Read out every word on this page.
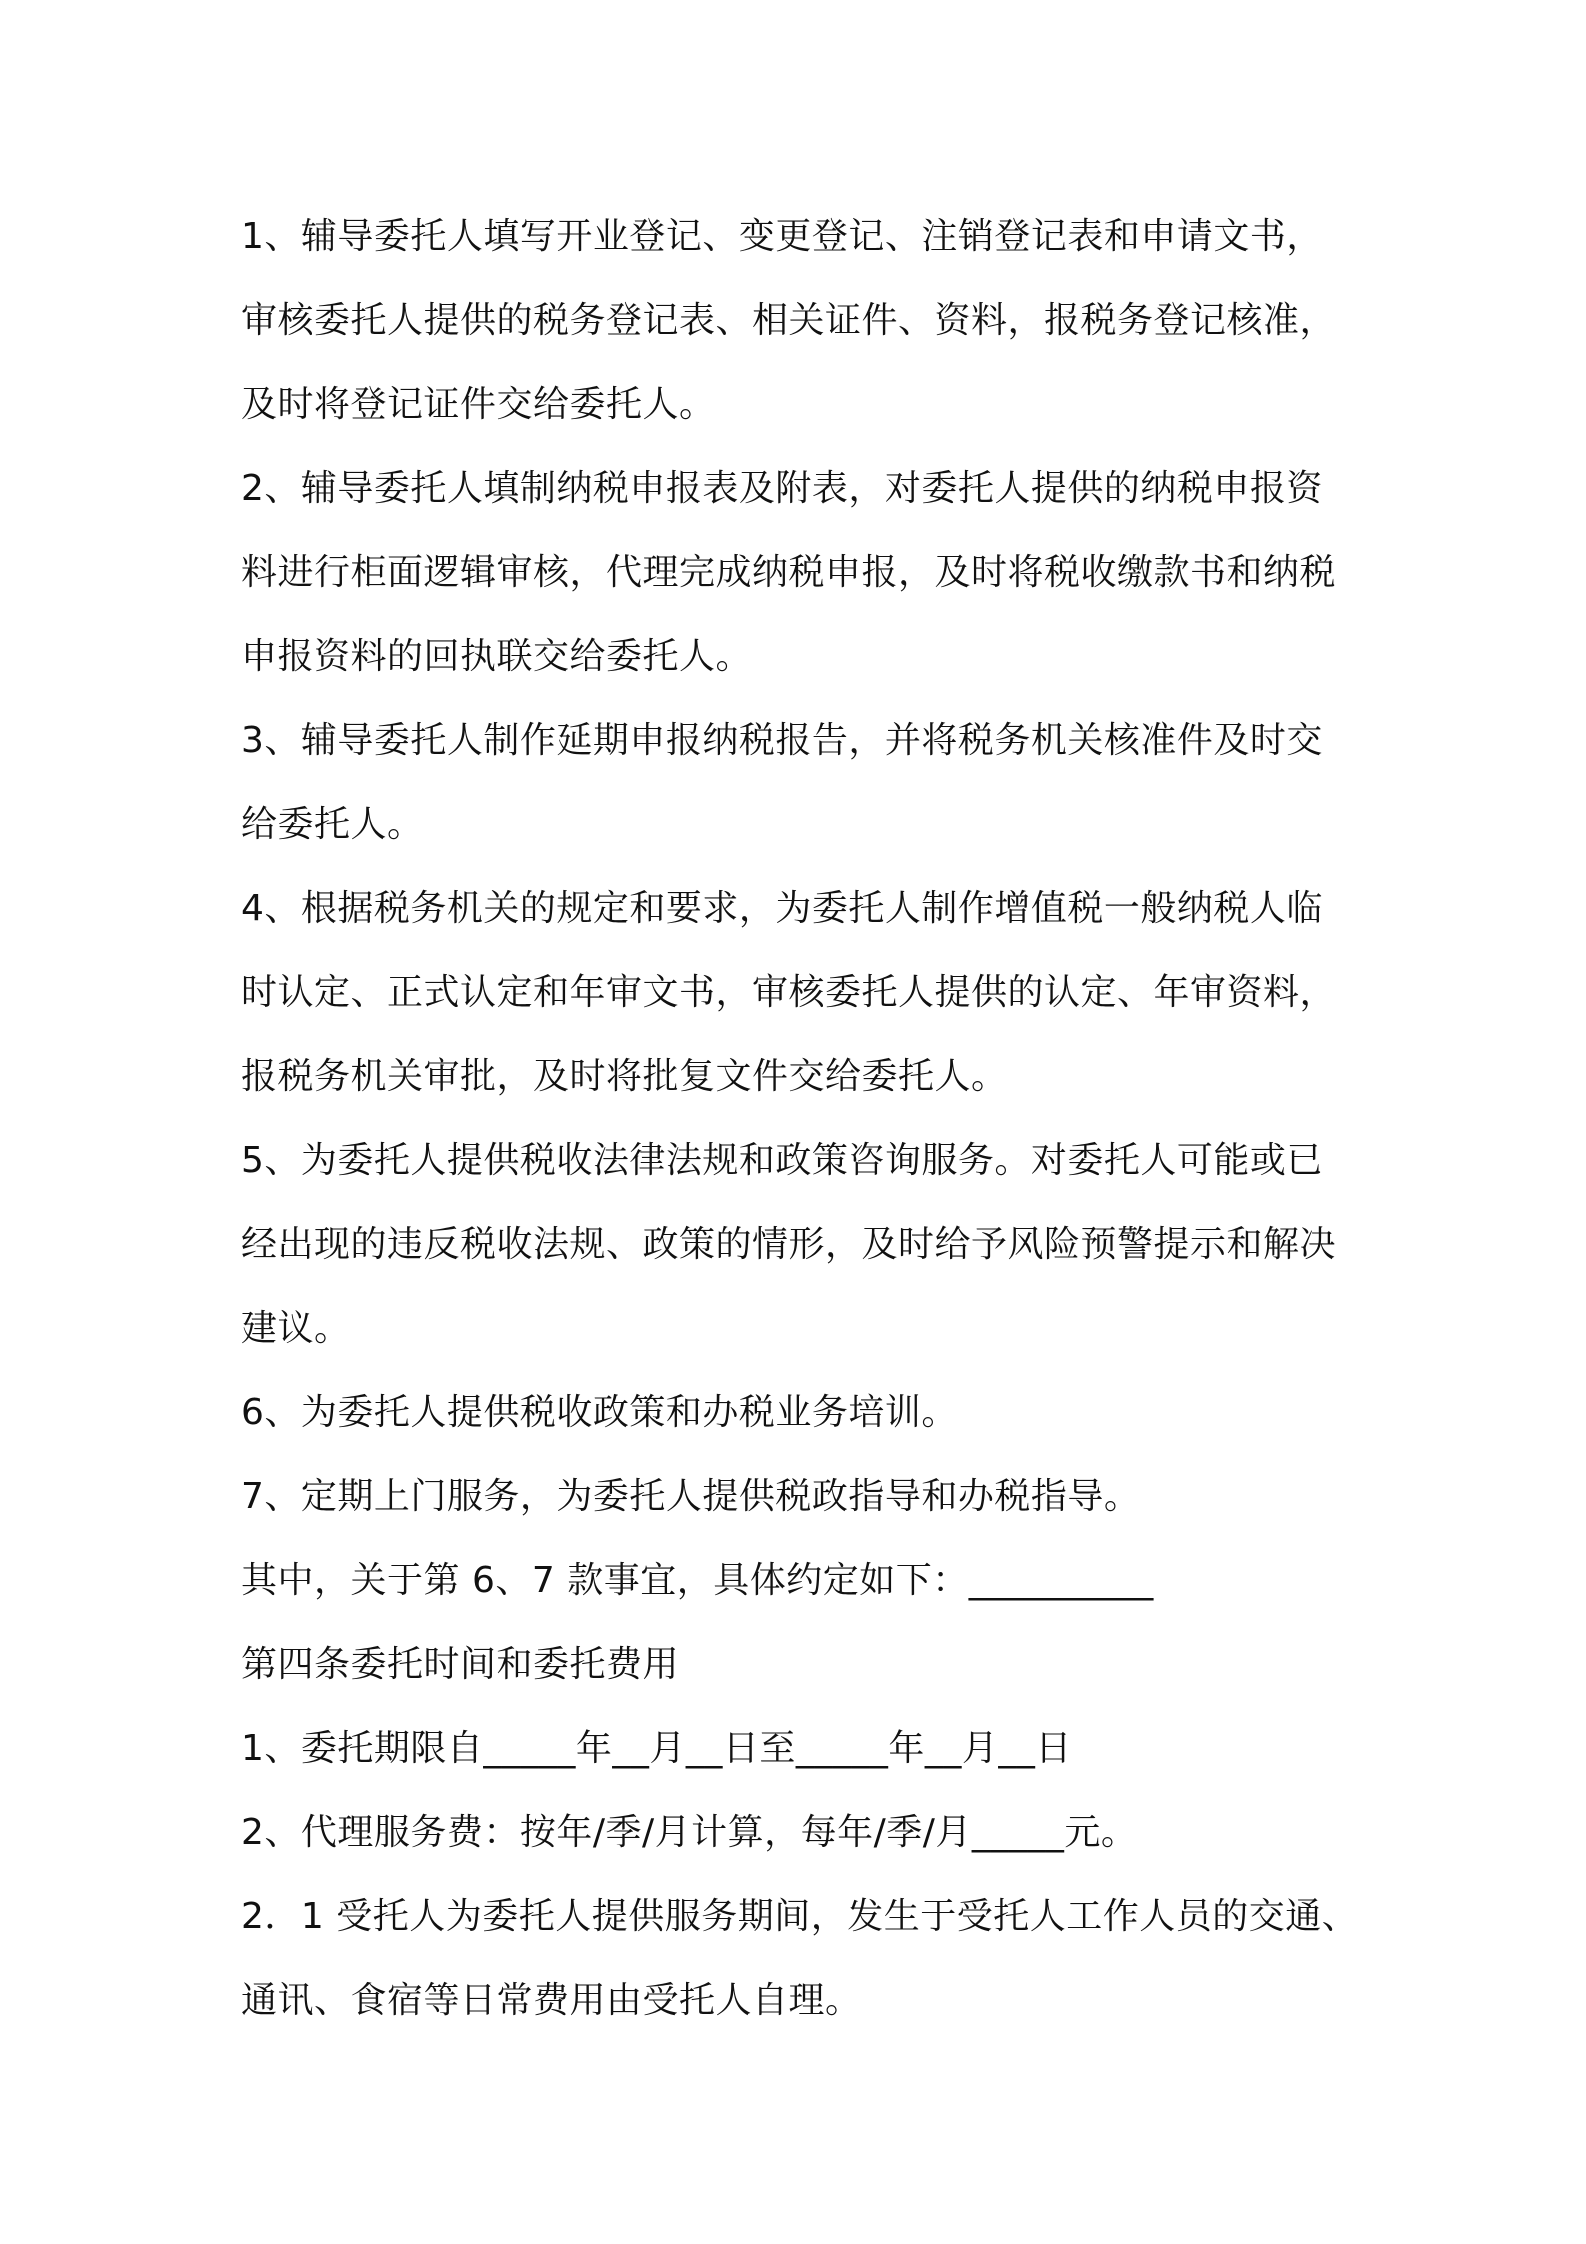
1、辅导委托人填写开业登记、变更登记、注销登记表和申请文书，
审核委托人提供的税务登记表、相关证件、资料，报税务登记核准，
及时将登记证件交给委托人。
2、辅导委托人填制纳税申报表及附表，对委托人提供的纳税申报资
料进行柜面逻辑审核，代理完成纳税申报，及时将税收缴款书和纳税
申报资料的回执联交给委托人。
3、辅导委托人制作延期申报纳税报告，并将税务机关核准件及时交
给委托人。
4、根据税务机关的规定和要求，为委托人制作增值税一般纳税人临
时认定、正式认定和年审文书，审核委托人提供的认定、年审资料，
报税务机关审批，及时将批复文件交给委托人。
5、为委托人提供税收法律法规和政策咨询服务。对委托人可能或已
经出现的违反税收法规、政策的情形，及时给予风险预警提示和解决
建议。
6、为委托人提供税收政策和办税业务培训。
7、定期上门服务，为委托人提供税政指导和办税指导。
其中，关于第 6、7 款事宜，具体约定如下：__________
第四条委托时间和委托费用
1、委托期限自_____年__月__日至_____年__月__日
2、代理服务费：按年/季/月计算，每年/季/月_____元。
2．1 受托人为委托人提供服务期间，发生于受托人工作人员的交通、
通讯、食宿等日常费用由受托人自理。
